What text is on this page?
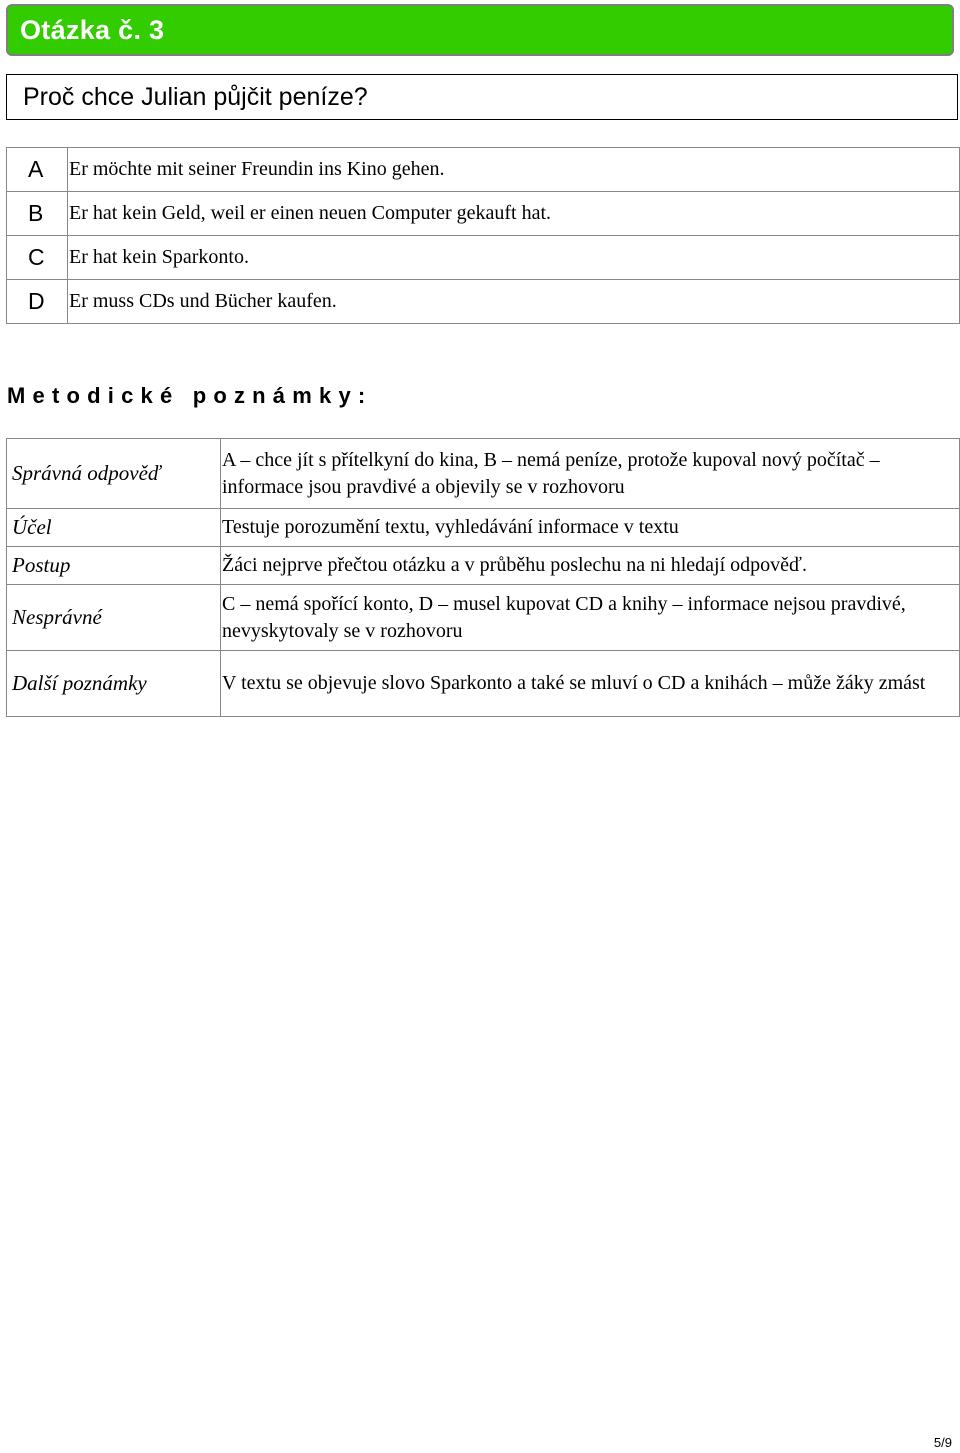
Otázka č. 3
Proč chce Julian půjčit peníze?
A	Er möchte mit seiner Freundin ins Kino gehen.
B	Er hat kein Geld, weil er einen neuen Computer gekauft hat.
C	Er hat kein Sparkonto.
D	Er muss CDs und Bücher kaufen.
Metodické poznámky:
Správná odpověď	A – chce jít s přítelkyní do kina, B – nemá peníze, protože kupoval nový počítač – informace jsou pravdivé a objevily se v rozhovoru
Účel	Testuje porozumění textu, vyhledávání informace v textu
Postup	Žáci nejprve přečtou otázku a v průběhu poslechu na ni hledají odpověď.
Nesprávné	C – nemá spořící konto, D – musel kupovat CD a knihy – informace nejsou pravdivé, nevyskytovaly se v rozhovoru
Další poznámky	V textu se objevuje slovo Sparkonto a také se mluví o CD a knihách – může žáky zmást
5/9
